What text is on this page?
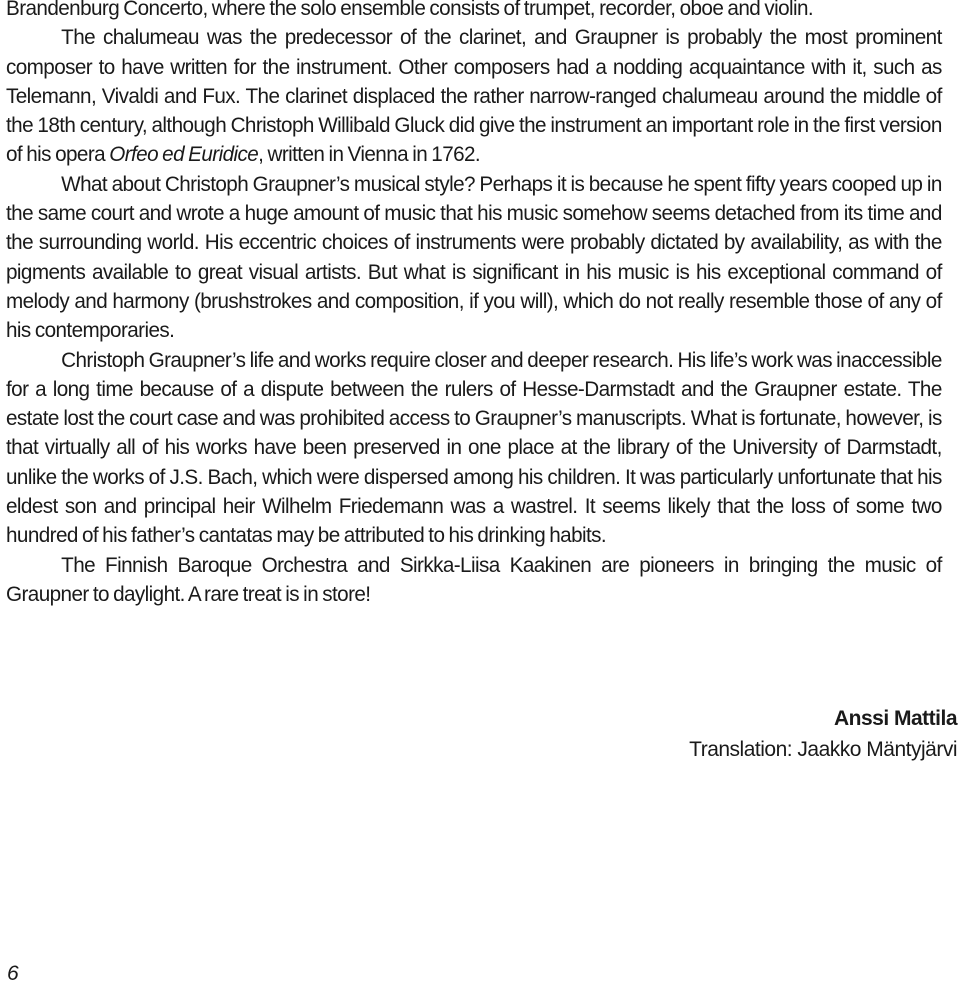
Brandenburg Concerto, where the solo ensemble consists of trumpet, recorder, oboe and violin.

The chalumeau was the predecessor of the clarinet, and Graupner is probably the most prominent composer to have written for the instrument. Other composers had a nodding acquaintance with it, such as Telemann, Vivaldi and Fux. The clarinet displaced the rather narrow-ranged chalumeau around the middle of the 18th century, although Christoph Willibald Gluck did give the instrument an important role in the first version of his opera Orfeo ed Euridice, written in Vienna in 1762.

What about Christoph Graupner’s musical style? Perhaps it is because he spent fifty years cooped up in the same court and wrote a huge amount of music that his music somehow seems detached from its time and the surrounding world. His eccentric choices of instruments were probably dictated by availability, as with the pigments available to great visual artists. But what is significant in his music is his exceptional command of melody and harmony (brushstrokes and composition, if you will), which do not really resemble those of any of his contemporaries.

Christoph Graupner’s life and works require closer and deeper research. His life’s work was inaccessible for a long time because of a dispute between the rulers of Hesse-Darmstadt and the Graupner estate. The estate lost the court case and was prohibited access to Graupner’s manuscripts. What is fortunate, however, is that virtually all of his works have been preserved in one place at the library of the University of Darmstadt, unlike the works of J.S. Bach, which were dispersed among his children. It was particularly unfortunate that his eldest son and principal heir Wilhelm Friedemann was a wastrel. It seems likely that the loss of some two hundred of his father’s cantatas may be attributed to his drinking habits.

The Finnish Baroque Orchestra and Sirkka-Liisa Kaakinen are pioneers in bringing the music of Graupner to daylight. A rare treat is in store!

Anssi Mattila
Translation: Jaakko Mäntyjärvi
6
